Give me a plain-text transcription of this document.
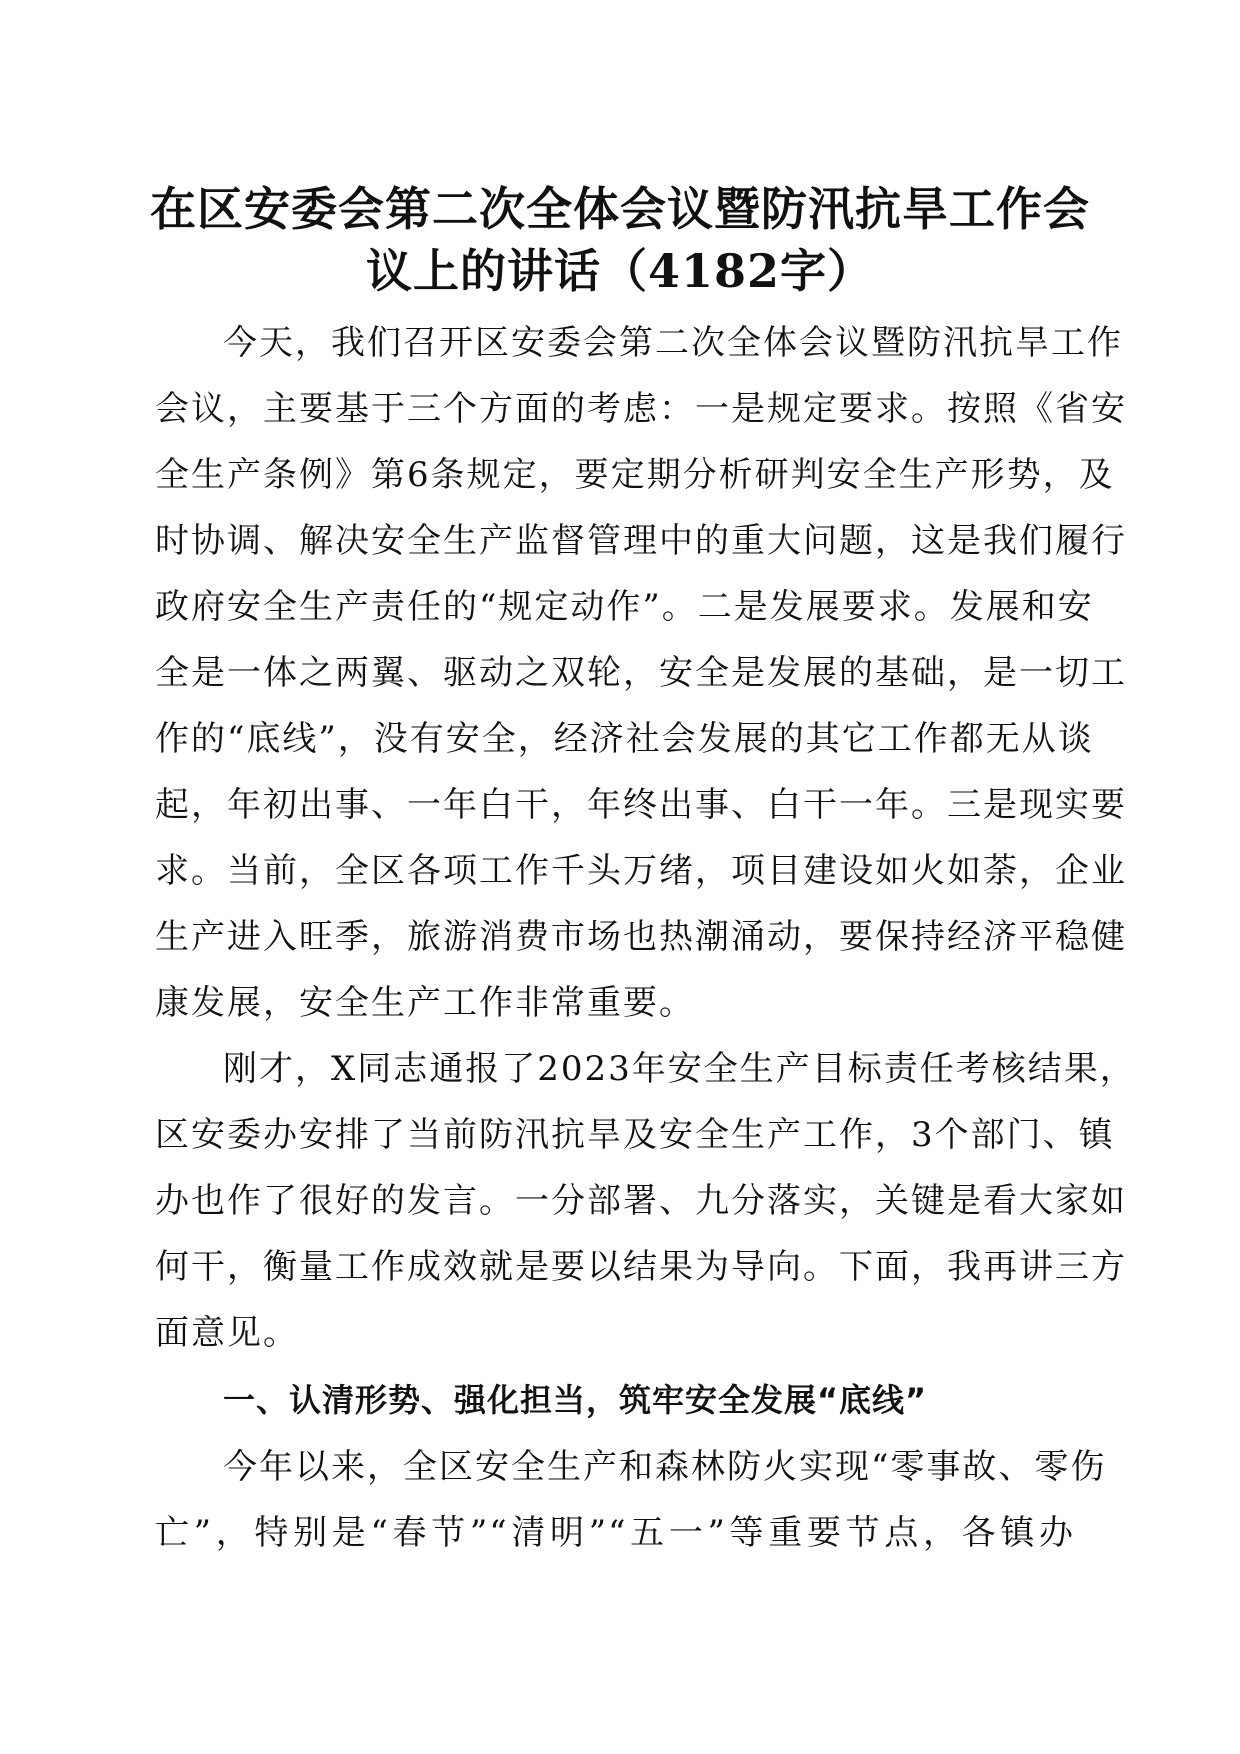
在区安委会第二次全体会议暨防汛抗旱工作会
议上的讲话（4182字）

今天，我们召开区安委会第二次全体会议暨防汛抗旱工作
会议，主要基于三个方面的考虑：一是规定要求。按照《省安
全生产条例》第6条规定，要定期分析研判安全生产形势，及
时协调、解决安全生产监督管理中的重大问题，这是我们履行
政府安全生产责任的“规定动作”。二是发展要求。发展和安
全是一体之两翼、驱动之双轮，安全是发展的基础，是一切工
作的“底线”，没有安全，经济社会发展的其它工作都无从谈
起，年初出事、一年白干，年终出事、白干一年。三是现实要
求。当前，全区各项工作千头万绪，项目建设如火如荼，企业
生产进入旺季，旅游消费市场也热潮涌动，要保持经济平稳健
康发展，安全生产工作非常重要。

刚才，X同志通报了2023年安全生产目标责任考核结果，
区安委办安排了当前防汛抗旱及安全生产工作，3个部门、镇
办也作了很好的发言。一分部署、九分落实，关键是看大家如
何干，衡量工作成效就是要以结果为导向。下面，我再讲三方
面意见。

一、认清形势、强化担当，筑牢安全发展“底线”

今年以来，全区安全生产和森林防火实现“零事故、零伤
亡”，特别是“春节”“清明”“五一”等重要节点，各镇办
